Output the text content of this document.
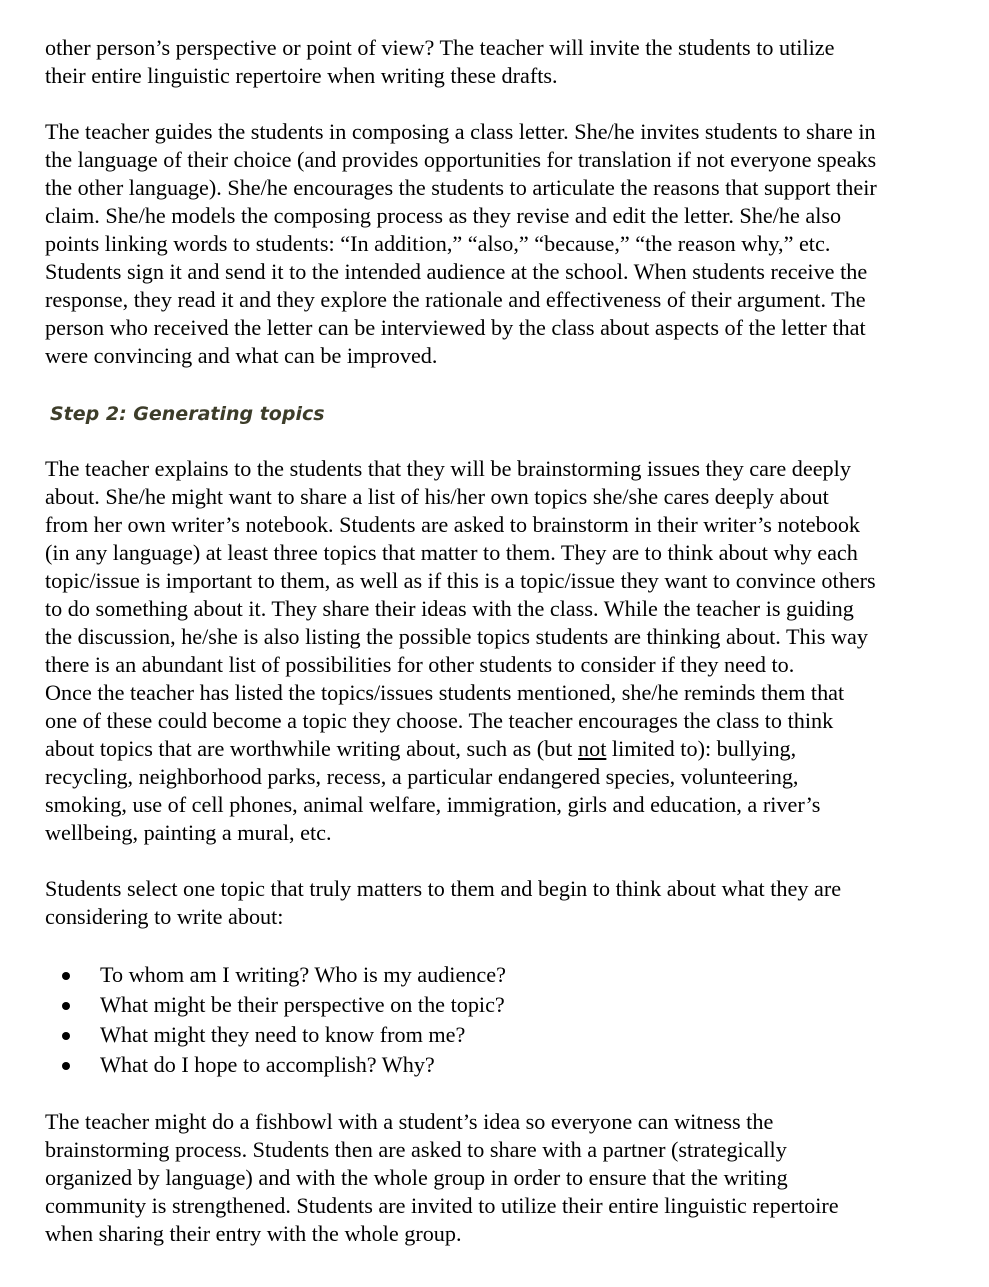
other person’s perspective or point of view? The teacher will invite the students to utilize
their entire linguistic repertoire when writing these drafts.

The teacher guides the students in composing a class letter. She/he invites students to share in
the language of their choice (and provides opportunities for translation if not everyone speaks
the other language). She/he encourages the students to articulate the reasons that support their
claim. She/he models the composing process as they revise and edit the letter. She/he also
points linking words to students: “In addition,” “also,” “because,” “the reason why,” etc.
Students sign it and send it to the intended audience at the school. When students receive the
response, they read it and they explore the rationale and effectiveness of their argument. The
person who received the letter can be interviewed by the class about aspects of the letter that
were convincing and what can be improved.

Step 2: Generating topics

The teacher explains to the students that they will be brainstorming issues they care deeply
about. She/he might want to share a list of his/her own topics she/she cares deeply about
from her own writer’s notebook. Students are asked to brainstorm in their writer’s notebook
(in any language) at least three topics that matter to them. They are to think about why each
topic/issue is important to them, as well as if this is a topic/issue they want to convince others
to do something about it. They share their ideas with the class. While the teacher is guiding
the discussion, he/she is also listing the possible topics students are thinking about. This way
there is an abundant list of possibilities for other students to consider if they need to.
Once the teacher has listed the topics/issues students mentioned, she/he reminds them that
one of these could become a topic they choose. The teacher encourages the class to think
about topics that are worthwhile writing about, such as (but not limited to): bullying,
recycling, neighborhood parks, recess, a particular endangered species, volunteering,
smoking, use of cell phones, animal welfare, immigration, girls and education, a river’s
wellbeing, painting a mural, etc.

Students select one topic that truly matters to them and begin to think about what they are
considering to write about:

To whom am I writing? Who is my audience?
What might be their perspective on the topic?
What might they need to know from me?
What do I hope to accomplish? Why?

The teacher might do a fishbowl with a student’s idea so everyone can witness the
brainstorming process. Students then are asked to share with a partner (strategically
organized by language) and with the whole group in order to ensure that the writing
community is strengthened. Students are invited to utilize their entire linguistic repertoire
when sharing their entry with the whole group.
